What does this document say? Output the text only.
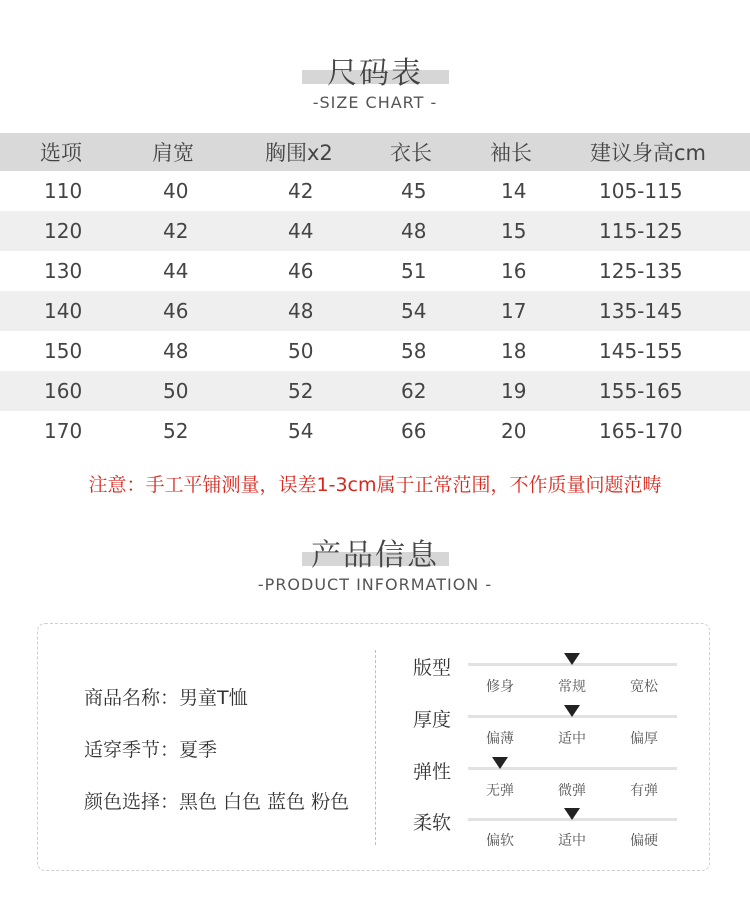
尺码表
-SIZE CHART -
选项	肩宽	胸围x2	衣长	袖长	建议身高cm
110	40	42	45	14	105-115
120	42	44	48	15	115-125
130	44	46	51	16	125-135
140	46	48	54	17	135-145
150	48	50	58	18	145-155
160	50	52	62	19	155-165
170	52	54	66	20	165-170
注意：手工平铺测量，误差1-3cm属于正常范围，不作质量问题范畴
产品信息
-PRODUCT INFORMATION -
商品名称：男童T恤
适穿季节：夏季
颜色选择：黑色 白色 蓝色 粉色
版型
修身	常规	宽松
厚度
偏薄	适中	偏厚
弹性
无弹	微弹	有弹
柔软
偏软	适中	偏硬
